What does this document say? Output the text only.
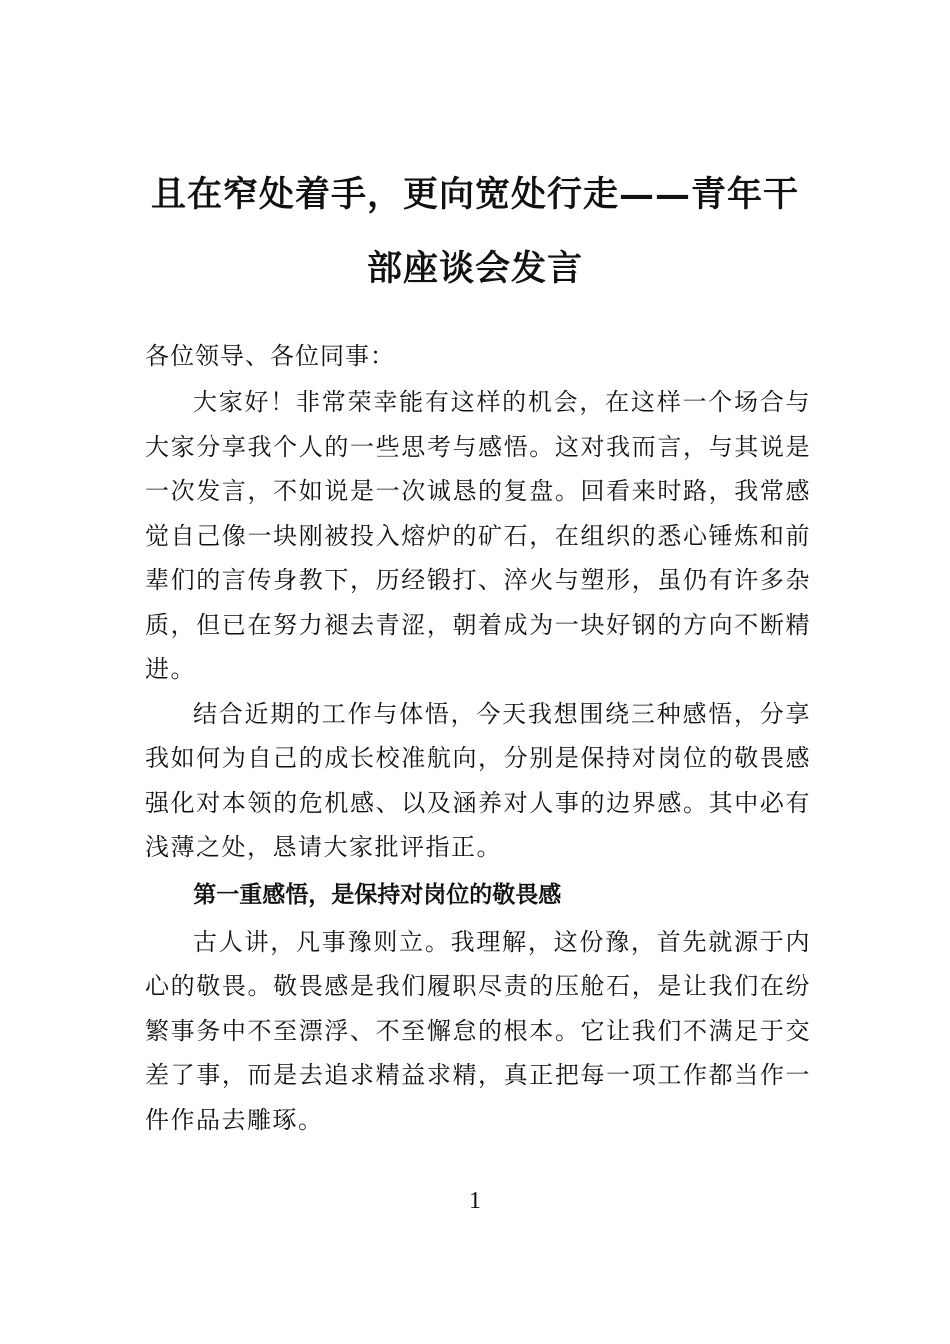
且在窄处着手，更向宽处行走——青年干
部座谈会发言

各位领导、各位同事：

大家好！非常荣幸能有这样的机会，在这样一个场合与大家分享我个人的一些思考与感悟。这对我而言，与其说是一次发言，不如说是一次诚恳的复盘。回看来时路，我常感觉自己像一块刚被投入熔炉的矿石，在组织的悉心锤炼和前辈们的言传身教下，历经锻打、淬火与塑形，虽仍有许多杂质，但已在努力褪去青涩，朝着成为一块好钢的方向不断精进。

结合近期的工作与体悟，今天我想围绕三种感悟，分享我如何为自己的成长校准航向，分别是保持对岗位的敬畏感强化对本领的危机感、以及涵养对人事的边界感。其中必有浅薄之处，恳请大家批评指正。

第一重感悟，是保持对岗位的敬畏感

古人讲，凡事豫则立。我理解，这份豫，首先就源于内心的敬畏。敬畏感是我们履职尽责的压舱石，是让我们在纷繁事务中不至漂浮、不至懈怠的根本。它让我们不满足于交差了事，而是去追求精益求精，真正把每一项工作都当作一件作品去雕琢。

1
